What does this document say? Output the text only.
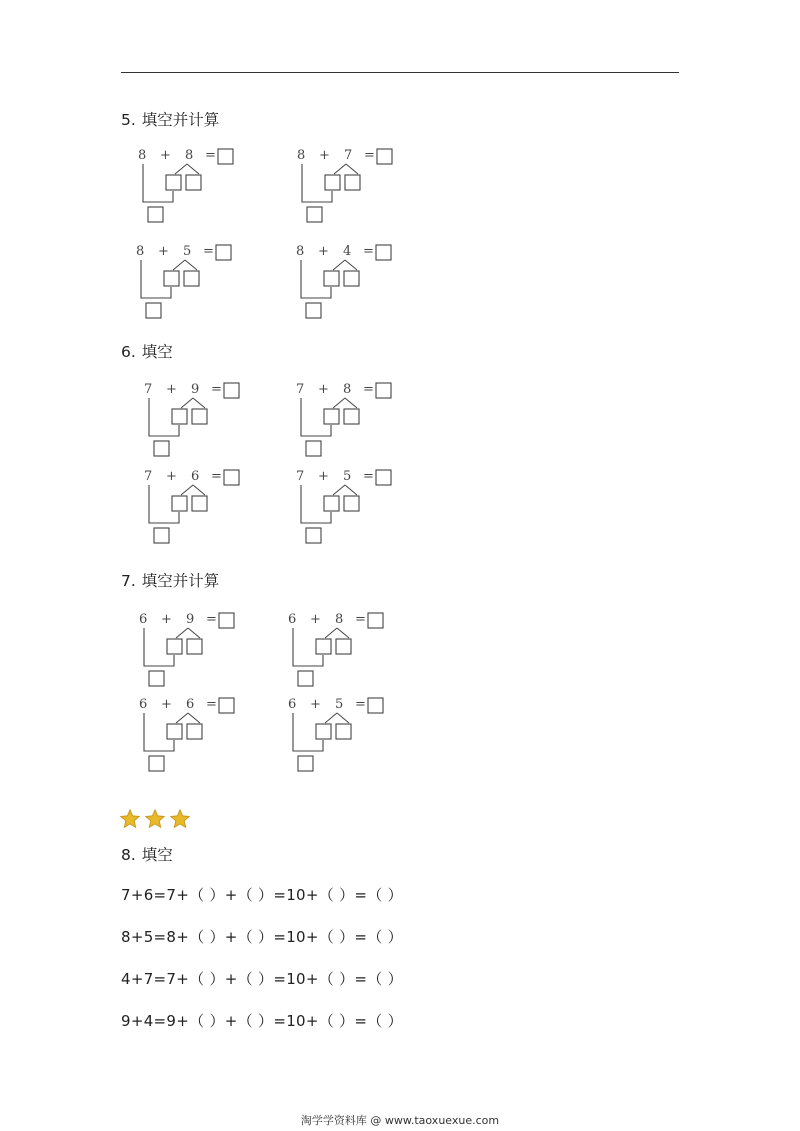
5. 填空并计算
8 + 8 =	8 + 7 =
8 + 5 =	8 + 4 =
6. 填空
7 + 9 =	7 + 8 =
7 + 6 =	7 + 5 =
7. 填空并计算
6 + 9 =	6 + 8 =
6 + 6 =	6 + 5 =
8. 填空
7+6=7+（ ）+（ ）=10+（ ）=（ ）
8+5=8+（ ）+（ ）=10+（ ）=（ ）
4+7=7+（ ）+（ ）=10+（ ）=（ ）
9+4=9+（ ）+（ ）=10+（ ）=（ ）
淘学学资料库 @ www.taoxuexue.com
